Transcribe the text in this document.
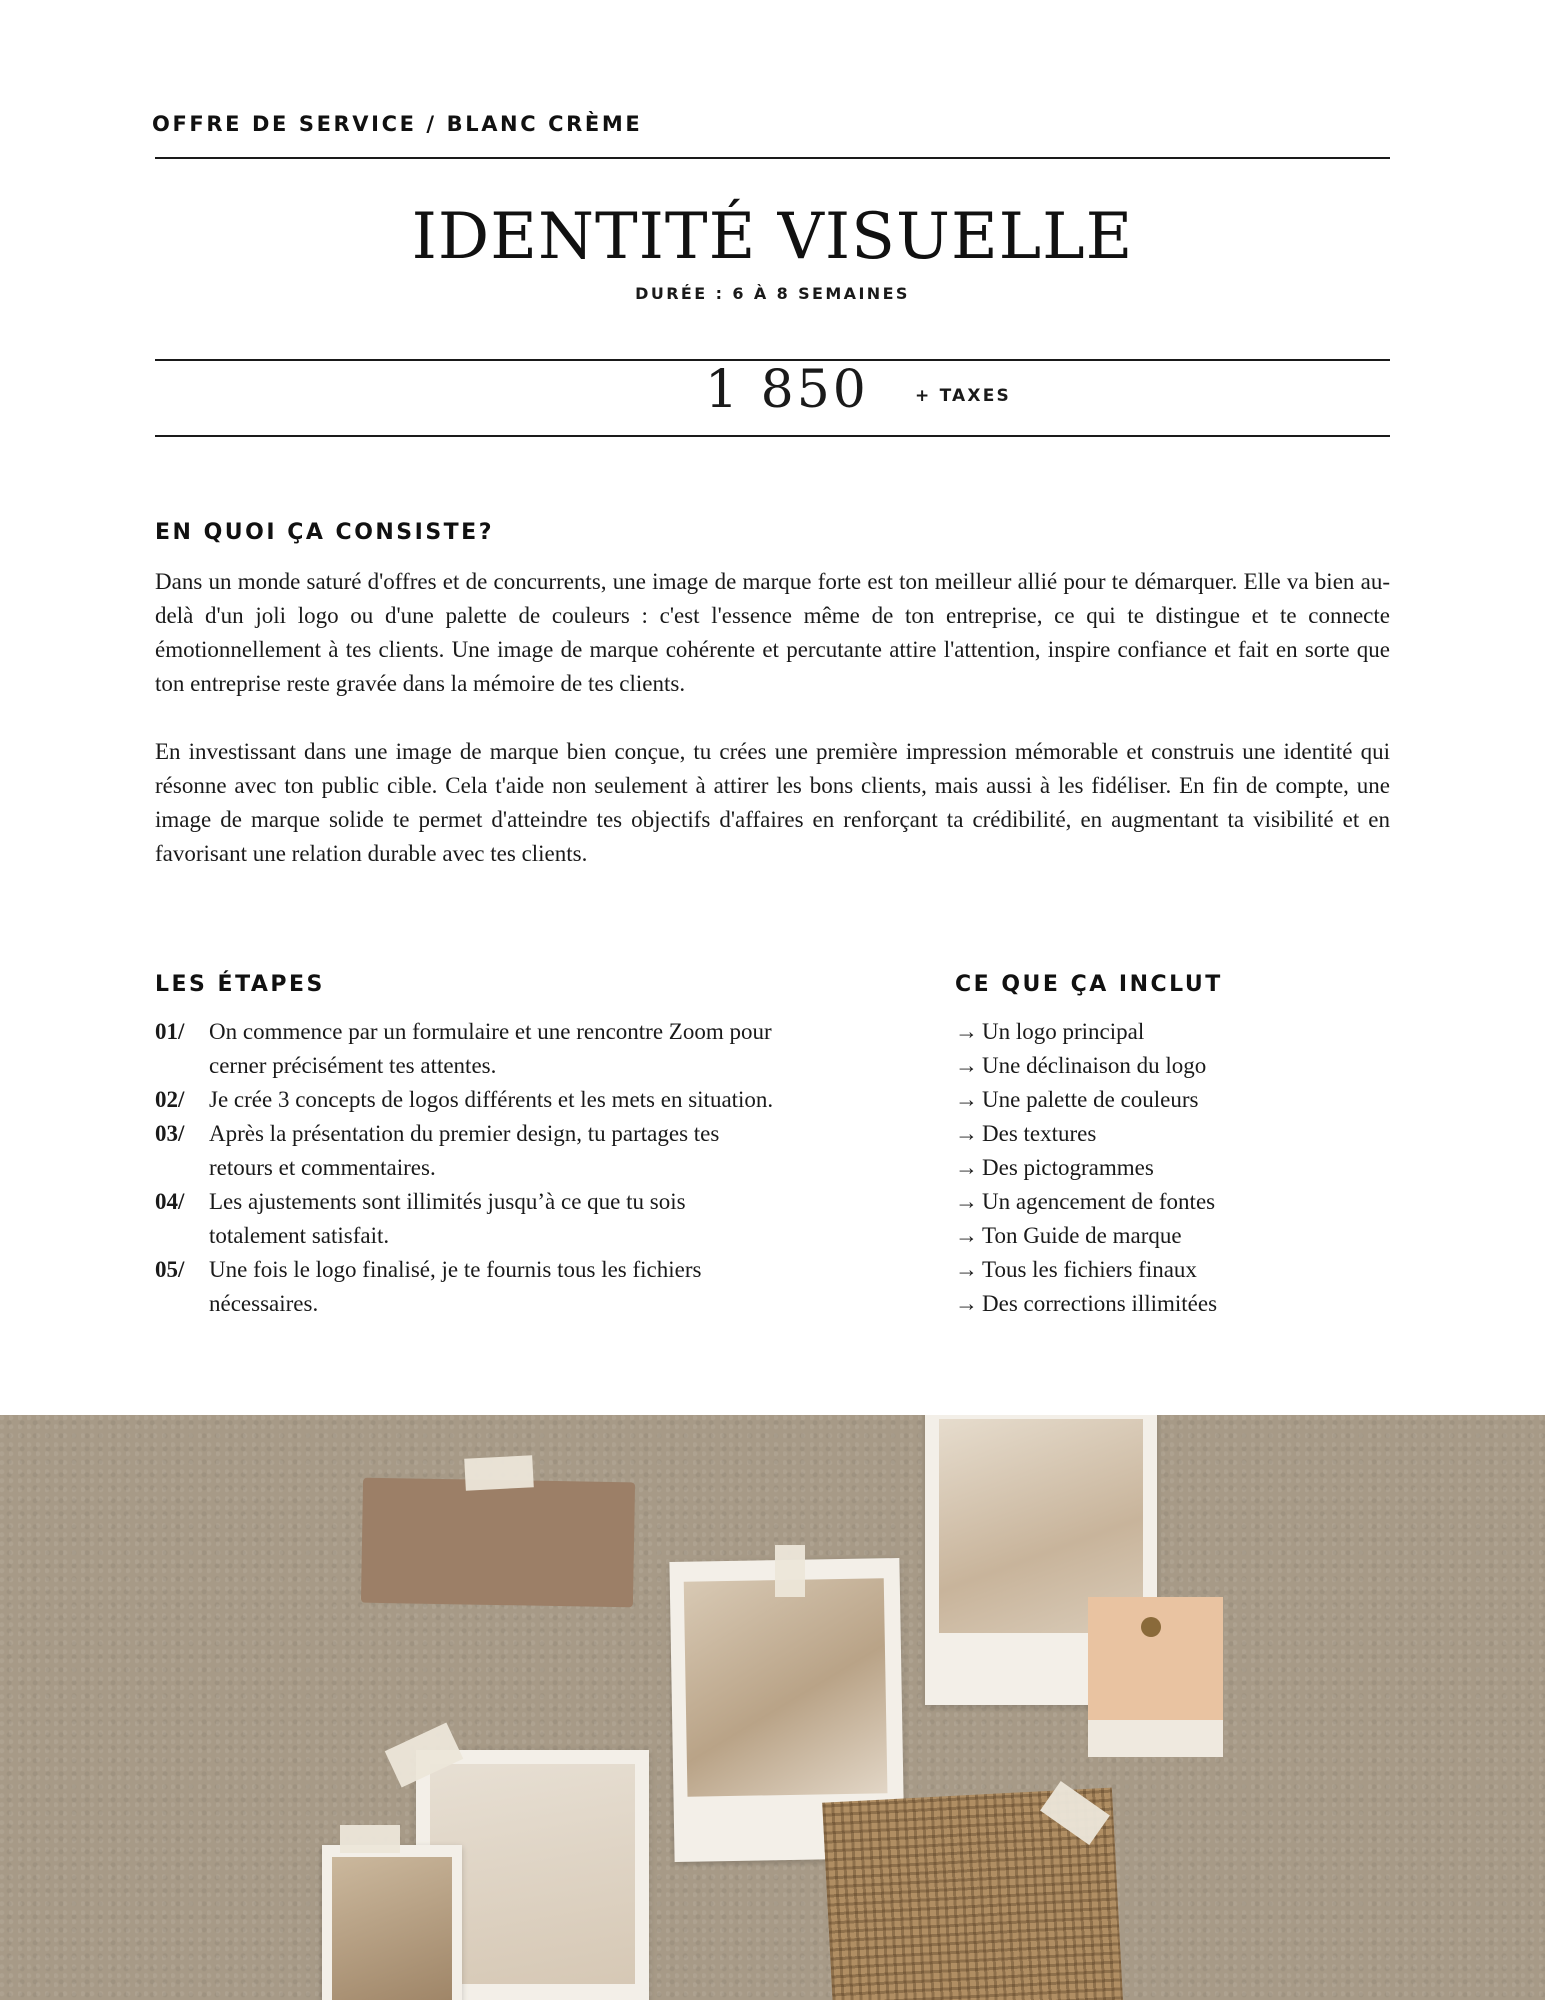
OFFRE DE SERVICE / BLANC CRÈME
IDENTITÉ VISUELLE
DURÉE : 6 À 8 SEMAINES
1 850	+ TAXES
EN QUOI ÇA CONSISTE?

Dans un monde saturé d'offres et de concurrents, une image de marque forte est ton meilleur allié pour te démarquer. Elle va bien au-delà d'un joli logo ou d'une palette de couleurs : c'est l'essence même de ton entreprise, ce qui te distingue et te connecte émotionnellement à tes clients. Une image de marque cohérente et percutante attire l'attention, inspire confiance et fait en sorte que ton entreprise reste gravée dans la mémoire de tes clients.

En investissant dans une image de marque bien conçue, tu crées une première impression mémorable et construis une identité qui résonne avec ton public cible. Cela t'aide non seulement à attirer les bons clients, mais aussi à les fidéliser. En fin de compte, une image de marque solide te permet d'atteindre tes objectifs d'affaires en renforçant ta crédibilité, en augmentant ta visibilité et en favorisant une relation durable avec tes clients.

LES ÉTAPES
01/	On commence par un formulaire et une rencontre Zoom pour cerner précisément tes attentes.
02/	Je crée 3 concepts de logos différents et les mets en situation.
03/	Après la présentation du premier design, tu partages tes retours et commentaires.
04/	Les ajustements sont illimités jusqu’à ce que tu sois totalement satisfait.
05/	Une fois le logo finalisé, je te fournis tous les fichiers nécessaires.
CE QUE ÇA INCLUT
→ Un logo principal
→ Une déclinaison du logo
→ Une palette de couleurs
→ Des textures
→ Des pictogrammes
→ Un agencement de fontes
→ Ton Guide de marque
→ Tous les fichiers finaux
→ Des corrections illimitées
